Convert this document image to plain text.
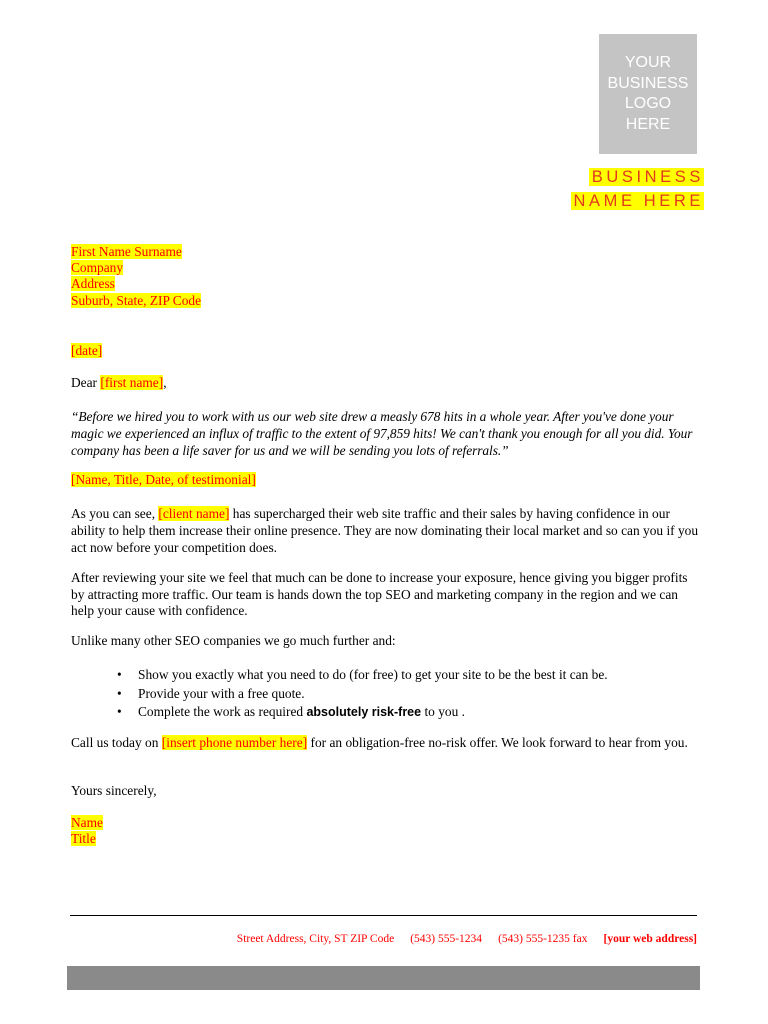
YOUR
BUSINESS
LOGO
HERE
BUSINESS
NAME HERE
First Name Surname
Company
Address
Suburb, State, ZIP Code
[date]
Dear [first name],
“Before we hired you to work with us our web site drew a measly 678 hits in a whole year. After you've done your magic we experienced an influx of traffic to the extent of 97,859 hits! We can't thank you enough for all you did. Your company has been a life saver for us and we will be sending you lots of referrals.”
[Name, Title, Date, of testimonial]
As you can see, [client name] has supercharged their web site traffic and their sales by having confidence in our ability to help them increase their online presence. They are now dominating their local market and so can you if you act now before your competition does.
After reviewing your site we feel that much can be done to increase your exposure, hence giving you bigger profits by attracting more traffic. Our team is hands down the top SEO and marketing company in the region and we can help your cause with confidence.
Unlike many other SEO companies we go much further and:
• Show you exactly what you need to do (for free) to get your site to be the best it can be.
• Provide your with a free quote.
• Complete the work as required absolutely risk-free to you .
Call us today on [insert phone number here] for an obligation-free no-risk offer. We look forward to hear from you.
Yours sincerely,
Name
Title
Street Address, City, ST ZIP Code (543) 555-1234 (543) 555-1235 fax [your web address]
